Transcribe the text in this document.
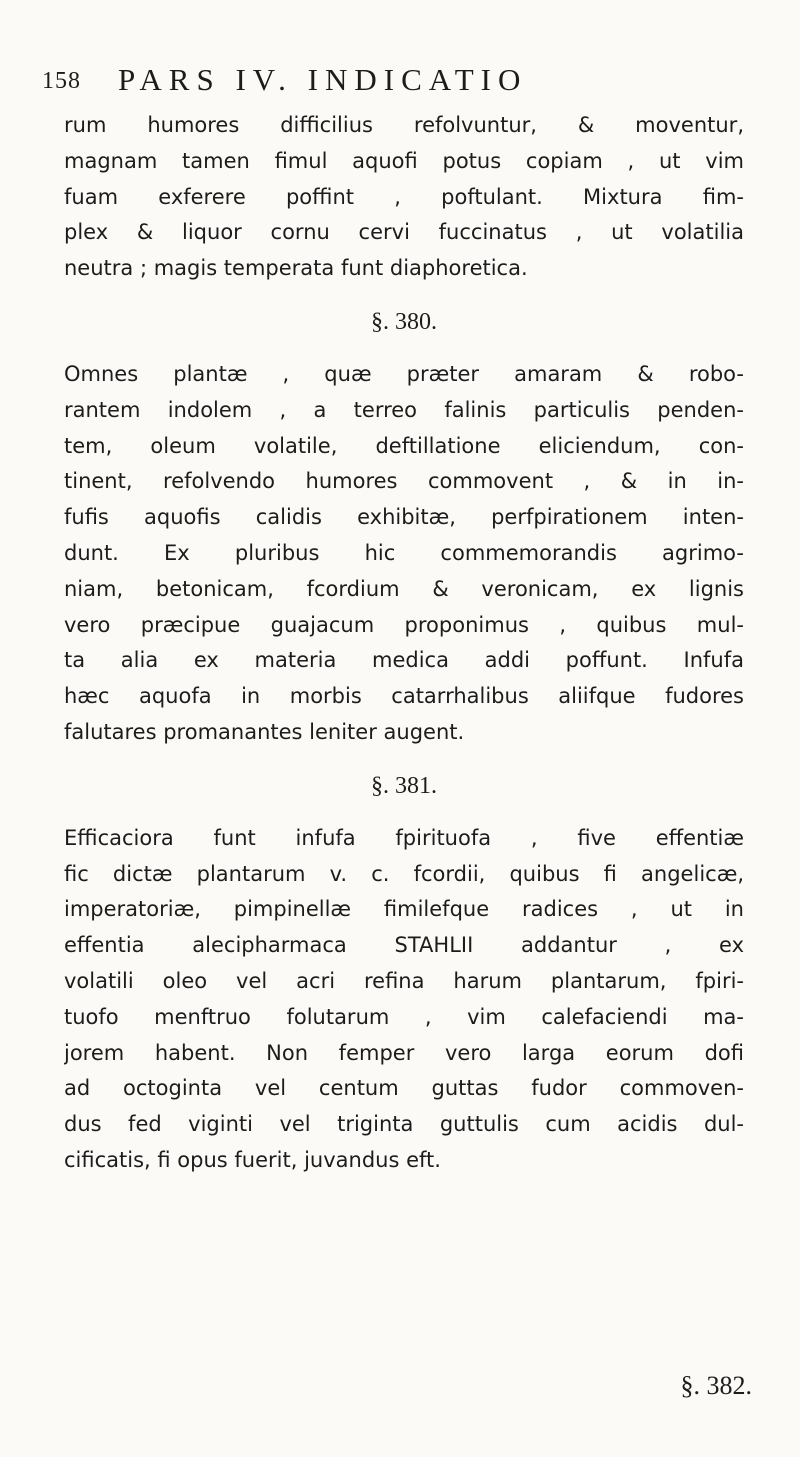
158 PARS IV. INDICATIO
rum humores difficilius refolvuntur, & moventur,
magnam tamen fimul aquofi potus copiam , ut vim
fuam exferere poffint , poftulant. Mixtura fim-
plex & liquor cornu cervi fuccinatus , ut volatilia
neutra ; magis temperata funt diaphoretica.
§. 380.
Omnes plantæ , quæ præter amaram & robo-
rantem indolem , a terreo falinis particulis penden-
tem, oleum volatile, deftillatione eliciendum, con-
tinent, refolvendo humores commovent , & in in-
fufis aquofis calidis exhibitæ, perfpirationem inten-
dunt. Ex pluribus hic commemorandis agrimo-
niam, betonicam, fcordium & veronicam, ex lignis
vero præcipue guajacum proponimus , quibus mul-
ta alia ex materia medica addi poffunt. Infufa
hæc aquofa in morbis catarrhalibus aliifque fudores
falutares promanantes leniter augent.
§. 381.
Efficaciora funt infufa fpirituofa , five effentiæ
fic dictæ plantarum v. c. fcordii, quibus fi angelicæ,
imperatoriæ, pimpinellæ fimilefque radices , ut in
effentia alecipharmaca STAHLII addantur , ex
volatili oleo vel acri refina harum plantarum, fpiri-
tuofo menftruo folutarum , vim calefaciendi ma-
jorem habent. Non femper vero larga eorum dofi
ad octoginta vel centum guttas fudor commoven-
dus fed viginti vel triginta guttulis cum acidis dul-
cificatis, fi opus fuerit, juvandus eft.
§. 382.
